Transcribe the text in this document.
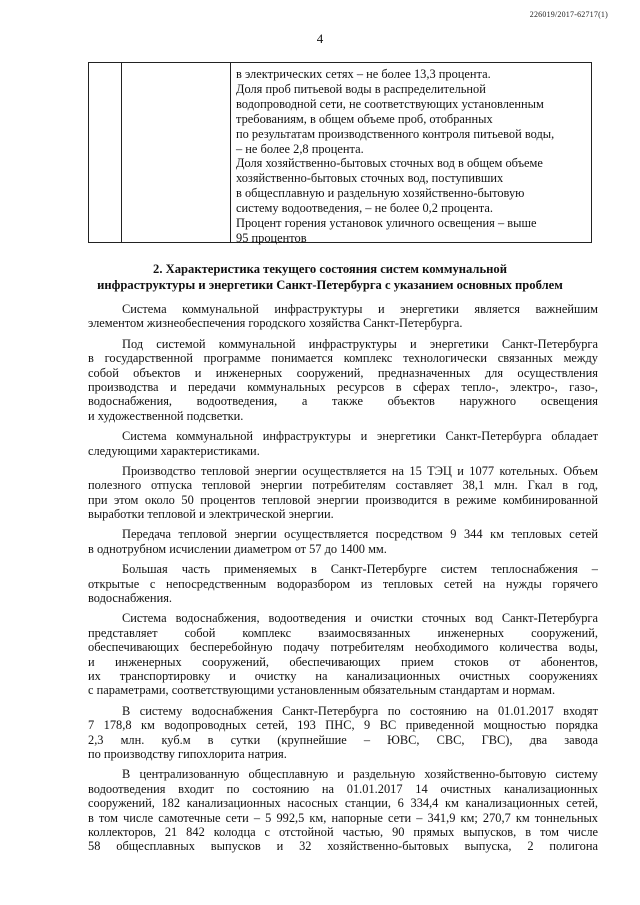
226019/2017-62717(1)
4
в электрических сетях – не более 13,3 процента.
Доля проб питьевой воды в распределительной
водопроводной сети, не соответствующих установленным
требованиям, в общем объеме проб, отобранных
по результатам производственного контроля питьевой воды,
– не более 2,8 процента.
Доля хозяйственно-бытовых сточных вод в общем объеме
хозяйственно-бытовых сточных вод, поступивших
в общесплавную и раздельную хозяйственно-бытовую
систему водоотведения, – не более 0,2 процента.
Процент горения установок уличного освещения – выше
95 процентов
2. Характеристика текущего состояния систем коммунальной
инфраструктуры и энергетики Санкт-Петербурга с указанием основных проблем
Система коммунальной инфраструктуры и энергетики является важнейшим
элементом жизнеобеспечения городского хозяйства Санкт-Петербурга.
Под системой коммунальной инфраструктуры и энергетики Санкт-Петербурга
в государственной программе понимается комплекс технологически связанных между
собой объектов и инженерных сооружений, предназначенных для осуществления
производства и передачи коммунальных ресурсов в сферах тепло-, электро-, газо-,
водоснабжения, водоотведения, а также объектов наружного освещения
и художественной подсветки.
Система коммунальной инфраструктуры и энергетики Санкт-Петербурга обладает
следующими характеристиками.
Производство тепловой энергии осуществляется на 15 ТЭЦ и 1077 котельных. Объем
полезного отпуска тепловой энергии потребителям составляет 38,1 млн. Гкал в год,
при этом около 50 процентов тепловой энергии производится в режиме комбинированной
выработки тепловой и электрической энергии.
Передача тепловой энергии осуществляется посредством 9 344 км тепловых сетей
в однотрубном исчислении диаметром от 57 до 1400 мм.
Большая часть применяемых в Санкт-Петербурге систем теплоснабжения –
открытые с непосредственным водоразбором из тепловых сетей на нужды горячего
водоснабжения.
Система водоснабжения, водоотведения и очистки сточных вод Санкт-Петербурга
представляет собой комплекс взаимосвязанных инженерных сооружений,
обеспечивающих бесперебойную подачу потребителям необходимого количества воды,
и инженерных сооружений, обеспечивающих прием стоков от абонентов,
их транспортировку и очистку на канализационных очистных сооружениях
с параметрами, соответствующими установленным обязательным стандартам и нормам.
В систему водоснабжения Санкт-Петербурга по состоянию на 01.01.2017 входят
7 178,8 км водопроводных сетей, 193 ПНС, 9 ВС приведенной мощностью порядка
2,3 млн. куб.м в сутки (крупнейшие – ЮВС, СВС, ГВС), два завода
по производству гипохлорита натрия.
В централизованную общесплавную и раздельную хозяйственно-бытовую систему
водоотведения входит по состоянию на 01.01.2017 14 очистных канализационных
сооружений, 182 канализационных насосных станции, 6 334,4 км канализационных сетей,
в том числе самотечные сети – 5 992,5 км, напорные сети – 341,9 км; 270,7 км тоннельных
коллекторов, 21 842 колодца с отстойной частью, 90 прямых выпусков, в том числе
58 общесплавных выпусков и 32 хозяйственно-бытовых выпуска, 2 полигона
